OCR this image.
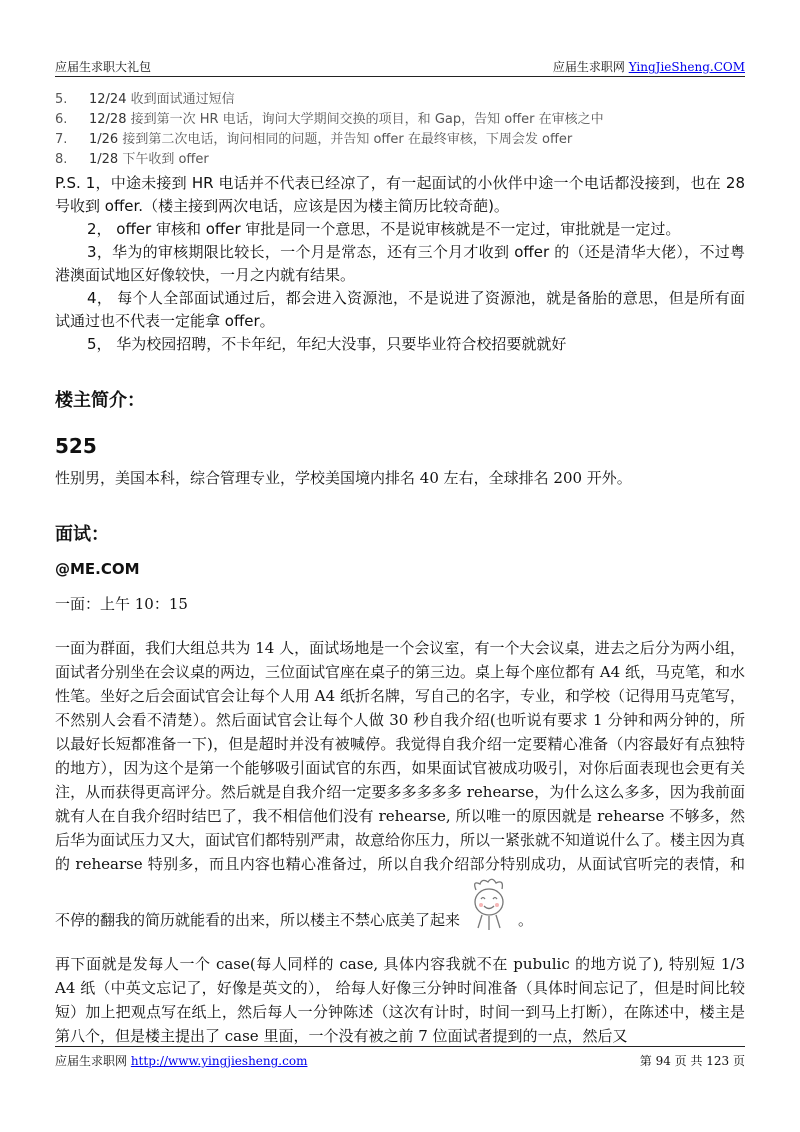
应届生求职大礼包	应届生求职网 YingJieSheng.COM
5. 12/24 收到面试通过短信
6. 12/28 接到第一次 HR 电话，询问大学期间交换的项目，和 Gap，告知 offer 在审核之中
7. 1/26 接到第二次电话，询问相同的问题，并告知 offer 在最终审核，下周会发 offer
8. 1/28 下午收到 offer

P.S. 1，中途未接到 HR 电话并不代表已经凉了，有一起面试的小伙伴中途一个电话都没接到，也在 28 号收到 offer.（楼主接到两次电话，应该是因为楼主简历比较奇葩)。

2， offer 审核和 offer 审批是同一个意思，不是说审核就是不一定过，审批就是一定过。

3，华为的审核期限比较长，一个月是常态，还有三个月才收到 offer 的（还是清华大佬），不过粤港澳面试地区好像较快，一月之内就有结果。

4， 每个人全部面试通过后，都会进入资源池，不是说进了资源池，就是备胎的意思，但是所有面试通过也不代表一定能拿 offer。

5， 华为校园招聘，不卡年纪，年纪大没事，只要毕业符合校招要就就好

楼主简介：
525

性别男，美国本科，综合管理专业，学校美国境内排名 40 左右，全球排名 200 开外。

面试：
@ME.COM

一面：上午 10：15

一面为群面，我们大组总共为 14 人，面试场地是一个会议室，有一个大会议桌，进去之后分为两小组，面试者分别坐在会议桌的两边，三位面试官座在桌子的第三边。桌上每个座位都有 A4 纸，马克笔，和水性笔。坐好之后会面试官会让每个人用 A4 纸折名牌，写自己的名字，专业，和学校（记得用马克笔写，不然别人会看不清楚）。然后面试官会让每个人做 30 秒自我介绍(也听说有要求 1 分钟和两分钟的，所以最好长短都准备一下)，但是超时并没有被喊停。我觉得自我介绍一定要精心准备（内容最好有点独特的地方），因为这个是第一个能够吸引面试官的东西，如果面试官被成功吸引，对你后面表现也会更有关注，从而获得更高评分。然后就是自我介绍一定要多多多多多 rehearse，为什么这么多多，因为我前面就有人在自我介绍时结巴了，我不相信他们没有 rehearse, 所以唯一的原因就是 rehearse 不够多，然后华为面试压力又大，面试官们都特别严肃，故意给你压力，所以一紧张就不知道说什么了。楼主因为真的 rehearse 特别多，而且内容也精心准备过，所以自我介绍部分特别成功，从面试官听完的表情，和不停的翻我的简历就能看的出来，所以楼主不禁心底美了起来	。

再下面就是发每人一个 case(每人同样的 case, 具体内容我就不在 pubulic 的地方说了), 特别短 1/3 A4 纸（中英文忘记了，好像是英文的）， 给每人好像三分钟时间准备（具体时间忘记了，但是时间比较短）加上把观点写在纸上，然后每人一分钟陈述（这次有计时，时间一到马上打断），在陈述中，楼主是第八个，但是楼主提出了 case 里面，一个没有被之前 7 位面试者提到的一点，然后又

应届生求职网 http://www.yingjiesheng.com	第 94 页 共 123 页
